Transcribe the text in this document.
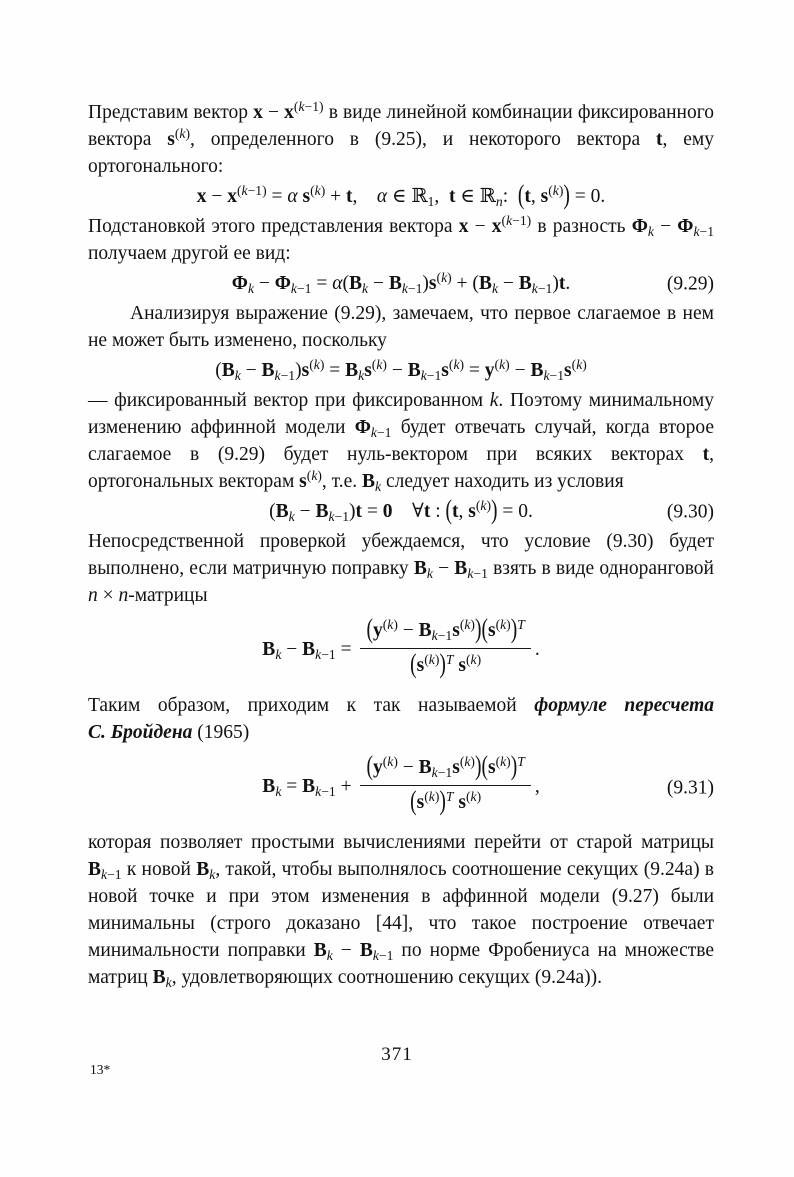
Представим вектор $x - x^{(k-1)}$ в виде линейной комбинации фиксированного вектора $s^{(k)}$, определенного в (9.25), и некоторого вектора t, ему ортогонального:

$x - x^{(k-1)} = \alpha$ $s^{(k)} + t$, α ∈ ℝ$_1$, t ∈ ℝ$_n$: (t, $s^{(k)}) = 0$.

Подстановкой этого представления вектора $x - x^{(k-1)}$ в разность $\Phi_k - \Phi_{k-1}$ получаем другой ее вид:

$\Phi_k - \Phi_{k-1} = \alpha(B_k - B_{k-1})s^{(k)} + (B_k - B_{k-1})t$.	(9.29)

Анализируя выражение (9.29), замечаем, что первое слагаемое в нем не может быть изменено, поскольку

$(B_k - B_{k-1})s^{(k)} = B_ks^{(k)} - B_{k-1}s^{(k)} = y^{(k)} - B_{k-1}s^{(k)}$

— фиксированный вектор при фиксированном k. Поэтому минимальному изменению аффинной модели $\Phi_{k-1}$ будет отвечать случай, когда второе слагаемое в (9.29) будет нуль-вектором при всяких векторах t, ортогональных векторам $s^{(k)}$, т.е. $B_k$ следует находить из условия

$(B_k - B_{k-1})t = 0$ ∀t : (t, $s^{(k)}) = 0$.	(9.30)

Непосредственной проверкой убеждаемся, что условие (9.30) будет выполнено, если матричную поправку $B_k - B_{k-1}$ взять в виде одноранговой n × n-матрицы

$B_k - B_{k-1} = \frac{(y^{(k)} - B_{k-1}s^{(k)})(s^{(k)})^T}{(s^{(k)})^T s^{(k)}}$ .

Таким образом, приходим к так называемой формуле пересчета С. Бройдена (1965)

$B_k = B_{k-1} + \frac{(y^{(k)} - B_{k-1}s^{(k)})(s^{(k)})^T}{(s^{(k)})^T s^{(k)}}$ ,	(9.31)

которая позволяет простыми вычислениями перейти от старой матрицы $B_{k-1}$ к новой $B_k$, такой, чтобы выполнялось соотношение секущих (9.24а) в новой точке и при этом изменения в аффинной модели (9.27) были минимальны (строго доказано [44], что такое построение отвечает минимальности поправки $B_k - B_{k-1}$ по норме Фробениуса на множестве матриц $B_k$, удовлетворяющих соотношению секущих (9.24а)).

371
13*
